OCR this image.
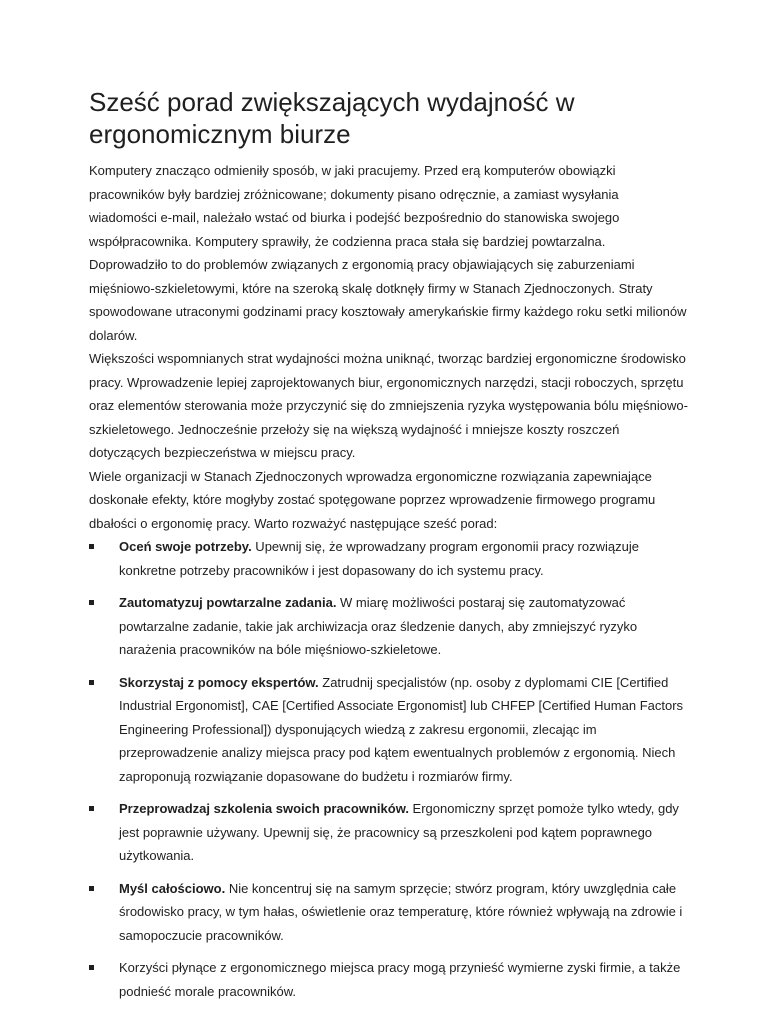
Sześć porad zwiększających wydajność w ergonomicznym biurze

Komputery znacząco odmieniły sposób, w jaki pracujemy. Przed erą komputerów obowiązki pracowników były bardziej zróżnicowane; dokumenty pisano odręcznie, a zamiast wysyłania wiadomości e-mail, należało wstać od biurka i podejść bezpośrednio do stanowiska swojego współpracownika. Komputery sprawiły, że codzienna praca stała się bardziej powtarzalna.

Doprowadziło to do problemów związanych z ergonomią pracy objawiających się zaburzeniami mięśniowo-szkieletowymi, które na szeroką skalę dotknęły firmy w Stanach Zjednoczonych. Straty spowodowane utraconymi godzinami pracy kosztowały amerykańskie firmy każdego roku setki milionów dolarów.

Większości wspomnianych strat wydajności można uniknąć, tworząc bardziej ergonomiczne środowisko pracy. Wprowadzenie lepiej zaprojektowanych biur, ergonomicznych narzędzi, stacji roboczych, sprzętu oraz elementów sterowania może przyczynić się do zmniejszenia ryzyka występowania bólu mięśniowo-szkieletowego. Jednocześnie przełoży się na większą wydajność i mniejsze koszty roszczeń dotyczących bezpieczeństwa w miejscu pracy.

Wiele organizacji w Stanach Zjednoczonych wprowadza ergonomiczne rozwiązania zapewniające doskonałe efekty, które mogłyby zostać spotęgowane poprzez wprowadzenie firmowego programu dbałości o ergonomię pracy. Warto rozważyć następujące sześć porad:

Oceń swoje potrzeby. Upewnij się, że wprowadzany program ergonomii pracy rozwiązuje konkretne potrzeby pracowników i jest dopasowany do ich systemu pracy.
Zautomatyzuj powtarzalne zadania. W miarę możliwości postaraj się zautomatyzować powtarzalne zadanie, takie jak archiwizacja oraz śledzenie danych, aby zmniejszyć ryzyko narażenia pracowników na bóle mięśniowo-szkieletowe.
Skorzystaj z pomocy ekspertów. Zatrudnij specjalistów (np. osoby z dyplomami CIE [Certified Industrial Ergonomist], CAE [Certified Associate Ergonomist] lub CHFEP [Certified Human Factors Engineering Professional]) dysponujących wiedzą z zakresu ergonomii, zlecając im przeprowadzenie analizy miejsca pracy pod kątem ewentualnych problemów z ergonomią. Niech zaproponują rozwiązanie dopasowane do budżetu i rozmiarów firmy.
Przeprowadzaj szkolenia swoich pracowników. Ergonomiczny sprzęt pomoże tylko wtedy, gdy jest poprawnie używany. Upewnij się, że pracownicy są przeszkoleni pod kątem poprawnego użytkowania.
Myśl całościowo. Nie koncentruj się na samym sprzęcie; stwórz program, który uwzględnia całe środowisko pracy, w tym hałas, oświetlenie oraz temperaturę, które również wpływają na zdrowie i samopoczucie pracowników.
Korzyści płynące z ergonomicznego miejsca pracy mogą przynieść wymierne zyski firmie, a także podnieść morale pracowników.
